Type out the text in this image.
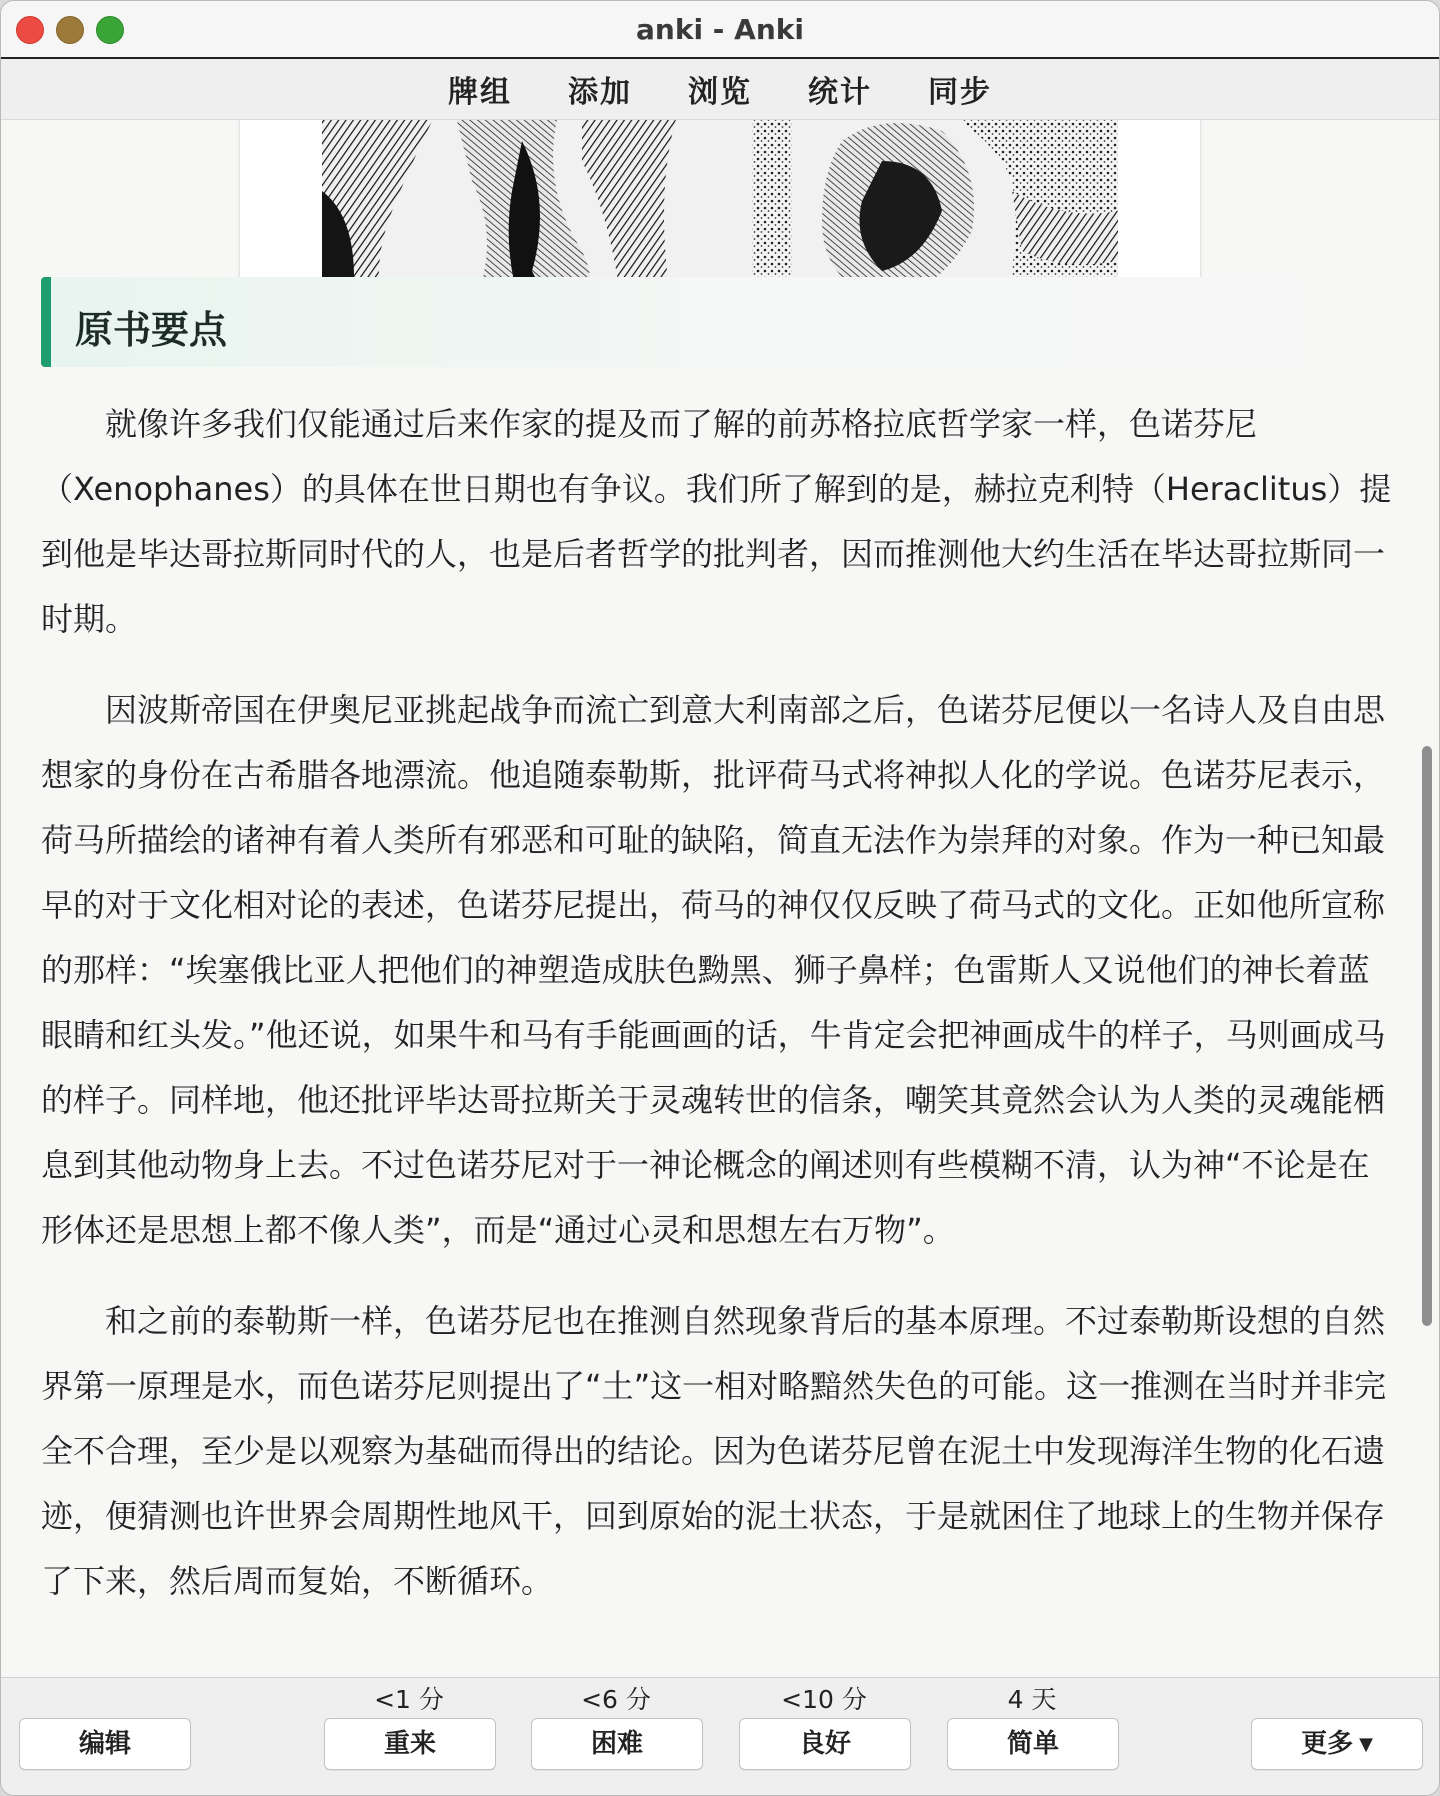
anki - Anki
牌组	添加	浏览	统计	同步
原书要点

就像许多我们仅能通过后来作家的提及而了解的前苏格拉底哲学家一样，色诺芬尼（Xenophanes）的具体在世日期也有争议。我们所了解到的是，赫拉克利特（Heraclitus）提到他是毕达哥拉斯同时代的人，也是后者哲学的批判者，因而推测他大约生活在毕达哥拉斯同一时期。

因波斯帝国在伊奥尼亚挑起战争而流亡到意大利南部之后，色诺芬尼便以一名诗人及自由思想家的身份在古希腊各地漂流。他追随泰勒斯，批评荷马式将神拟人化的学说。色诺芬尼表示，荷马所描绘的诸神有着人类所有邪恶和可耻的缺陷，简直无法作为崇拜的对象。作为一种已知最早的对于文化相对论的表述，色诺芬尼提出，荷马的神仅仅反映了荷马式的文化。正如他所宣称的那样：“埃塞俄比亚人把他们的神塑造成肤色黝黑、狮子鼻样；色雷斯人又说他们的神长着蓝眼睛和红头发。”他还说，如果牛和马有手能画画的话，牛肯定会把神画成牛的样子，马则画成马的样子。同样地，他还批评毕达哥拉斯关于灵魂转世的信条，嘲笑其竟然会认为人类的灵魂能栖息到其他动物身上去。不过色诺芬尼对于一神论概念的阐述则有些模糊不清，认为神“不论是在形体还是思想上都不像人类”，而是“通过心灵和思想左右万物”。

和之前的泰勒斯一样，色诺芬尼也在推测自然现象背后的基本原理。不过泰勒斯设想的自然界第一原理是水，而色诺芬尼则提出了“土”这一相对略黯然失色的可能。这一推测在当时并非完全不合理，至少是以观察为基础而得出的结论。因为色诺芬尼曾在泥土中发现海洋生物的化石遗迹，便猜测也许世界会周期性地风干，回到原始的泥土状态，于是就困住了地球上的生物并保存了下来，然后周而复始，不断循环。

编辑
<1 分
重来
<6 分
困难
<10 分
良好
4 天
简单	更多 ▼
